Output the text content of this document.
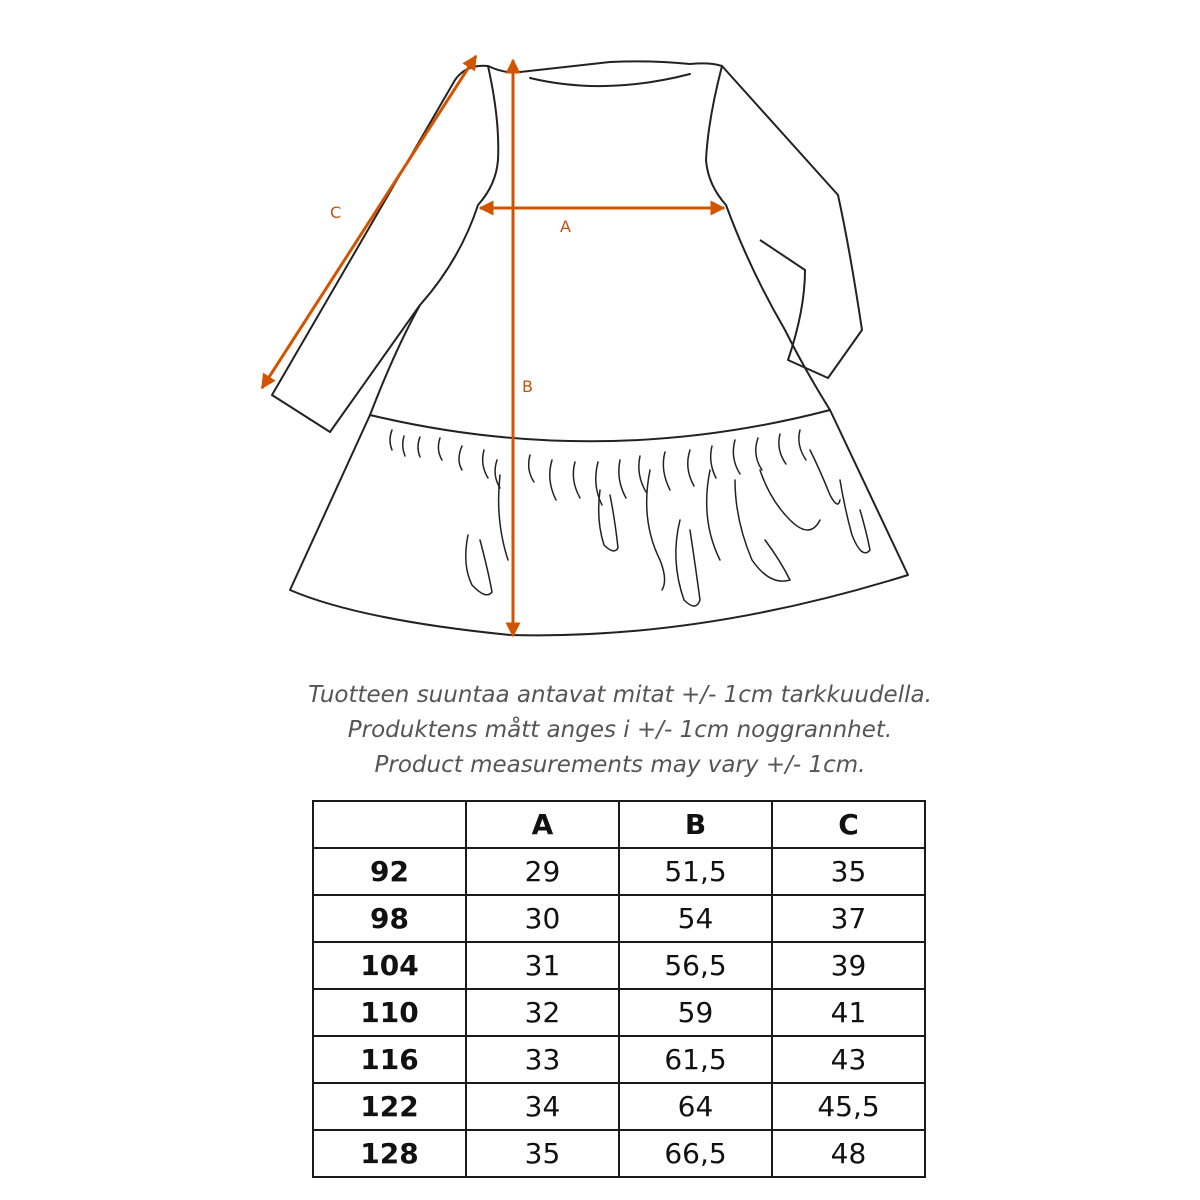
A
B
C
Tuotteen suuntaa antavat mitat +/- 1cm tarkkuudella.
Produktens mått anges i +/- 1cm noggrannhet.
Product measurements may vary +/- 1cm.
	A	B	C
92	29	51,5	35
98	30	54	37
104	31	56,5	39
110	32	59	41
116	33	61,5	43
122	34	64	45,5
128	35	66,5	48
